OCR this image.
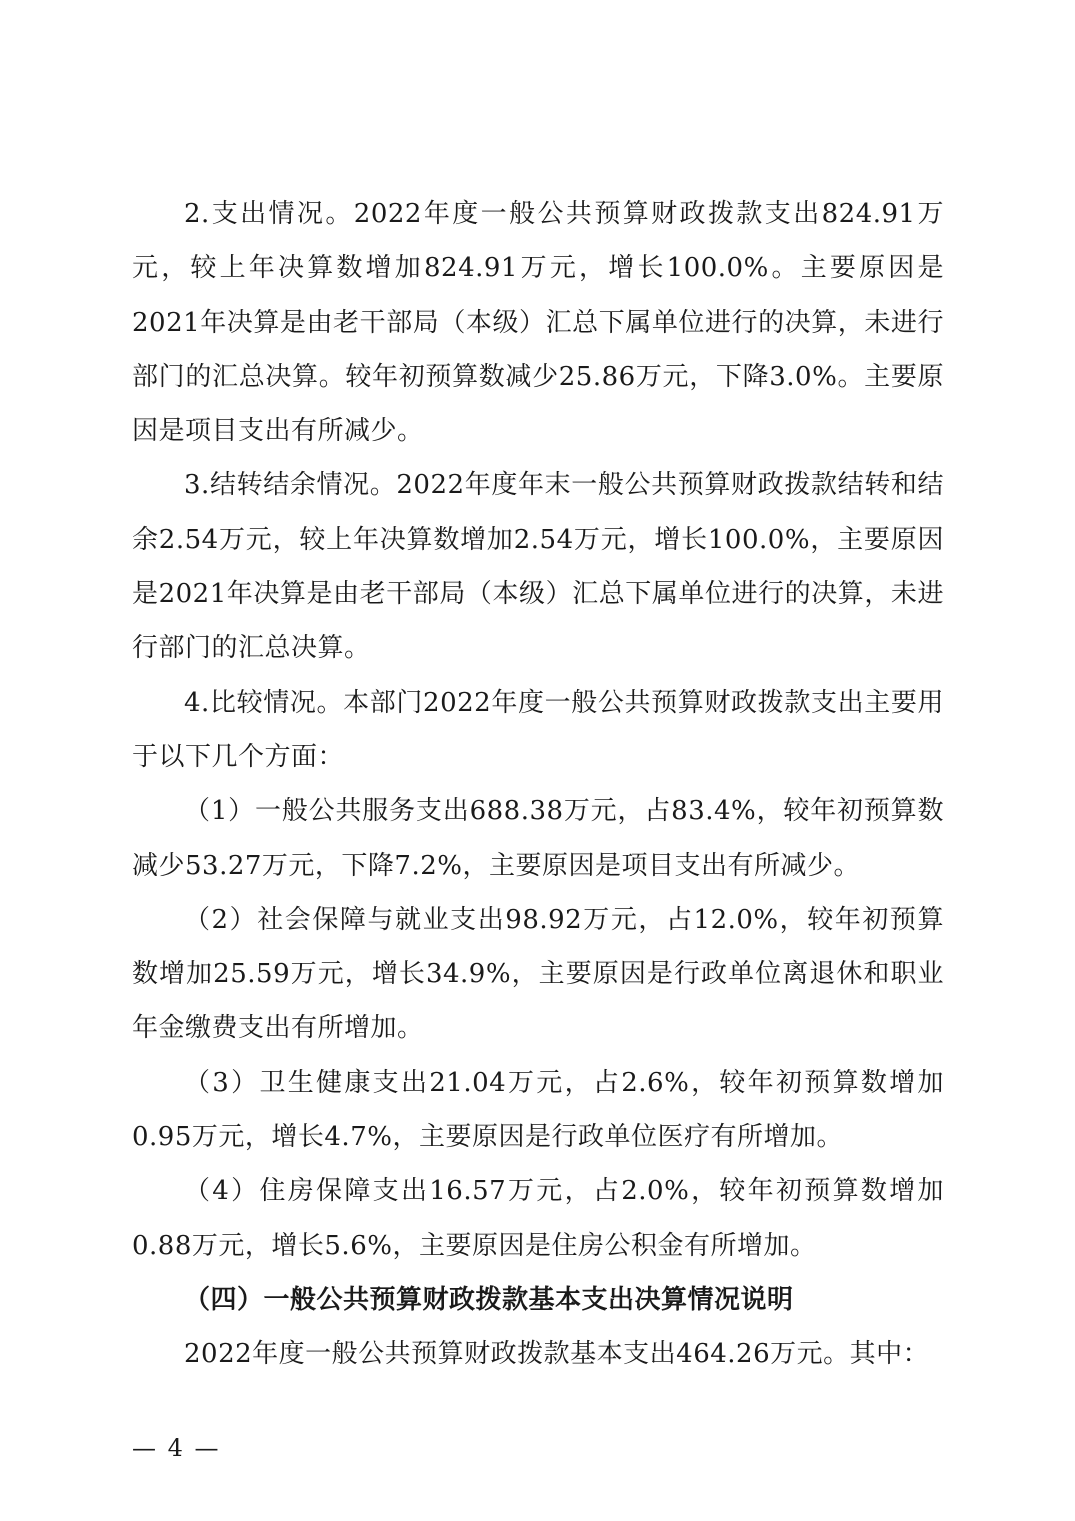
2.支出情况。2022年度一般公共预算财政拨款支出824.91万元，较上年决算数增加824.91万元，增长100.0%。主要原因是2021年决算是由老干部局（本级）汇总下属单位进行的决算，未进行部门的汇总决算。较年初预算数减少25.86万元，下降3.0%。主要原因是项目支出有所减少。

3.结转结余情况。2022年度年末一般公共预算财政拨款结转和结余2.54万元，较上年决算数增加2.54万元，增长100.0%，主要原因是2021年决算是由老干部局（本级）汇总下属单位进行的决算，未进行部门的汇总决算。

4.比较情况。本部门2022年度一般公共预算财政拨款支出主要用于以下几个方面：

（1）一般公共服务支出688.38万元，占83.4%，较年初预算数减少53.27万元，下降7.2%，主要原因是项目支出有所减少。

（2）社会保障与就业支出98.92万元，占12.0%，较年初预算数增加25.59万元，增长34.9%，主要原因是行政单位离退休和职业年金缴费支出有所增加。

（3）卫生健康支出21.04万元，占2.6%，较年初预算数增加0.95万元，增长4.7%，主要原因是行政单位医疗有所增加。

（4）住房保障支出16.57万元，占2.0%，较年初预算数增加0.88万元，增长5.6%，主要原因是住房公积金有所增加。

（四）一般公共预算财政拨款基本支出决算情况说明

2022年度一般公共预算财政拨款基本支出464.26万元。其中：

— 4 —
